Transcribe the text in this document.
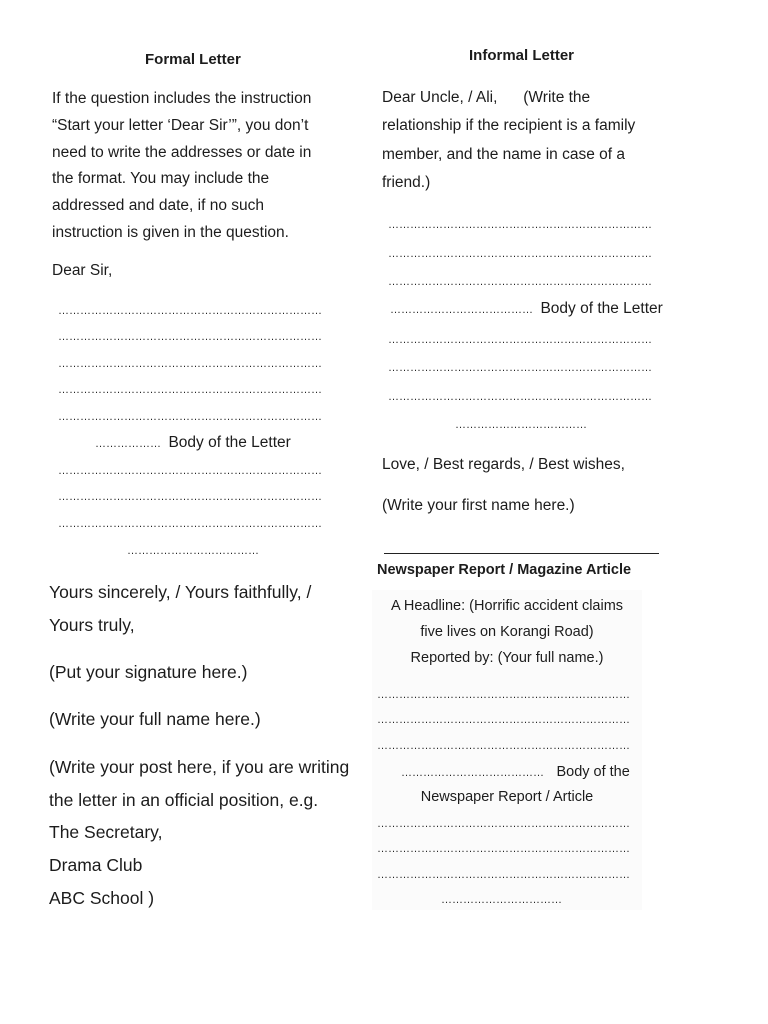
Formal Letter
If the question includes the instruction
“Start your letter ‘Dear Sir’”, you don’t
need to write the addresses or date in
the format. You may include the
addressed and date, if no such
instruction is given in the question.
Dear Sir,
………………………………………………………………
………………………………………………………………
………………………………………………………………
………………………………………………………………
………………………………………………………………
……………… Body of the Letter
………………………………………………………………
………………………………………………………………
………………………………………………………………
………………………………
Yours sincerely, / Yours faithfully, /
Yours truly,
(Put your signature here.)
(Write your full name here.)
(Write your post here, if you are writing
the letter in an official position, e.g.
The Secretary,
Drama Club
ABC School )
Informal Letter
Dear Uncle, / Ali,      (Write the
relationship if the recipient is a family
member, and the name in case of a
friend.)
………………………………………………………………
………………………………………………………………
………………………………………………………………
………………………………… Body of the Letter
………………………………………………………………
………………………………………………………………
………………………………………………………………
………………………………
Love, / Best regards, / Best wishes,
(Write your first name here.)
Newspaper Report / Magazine Article
A Headline: (Horrific accident claims
five lives on Korangi Road)
Reported by: (Your full name.)
……………………………………………………………
……………………………………………………………
……………………………………………………………
………………………………… Body of the
Newspaper Report / Article
……………………………………………………………
……………………………………………………………
……………………………………………………………
……………………………
